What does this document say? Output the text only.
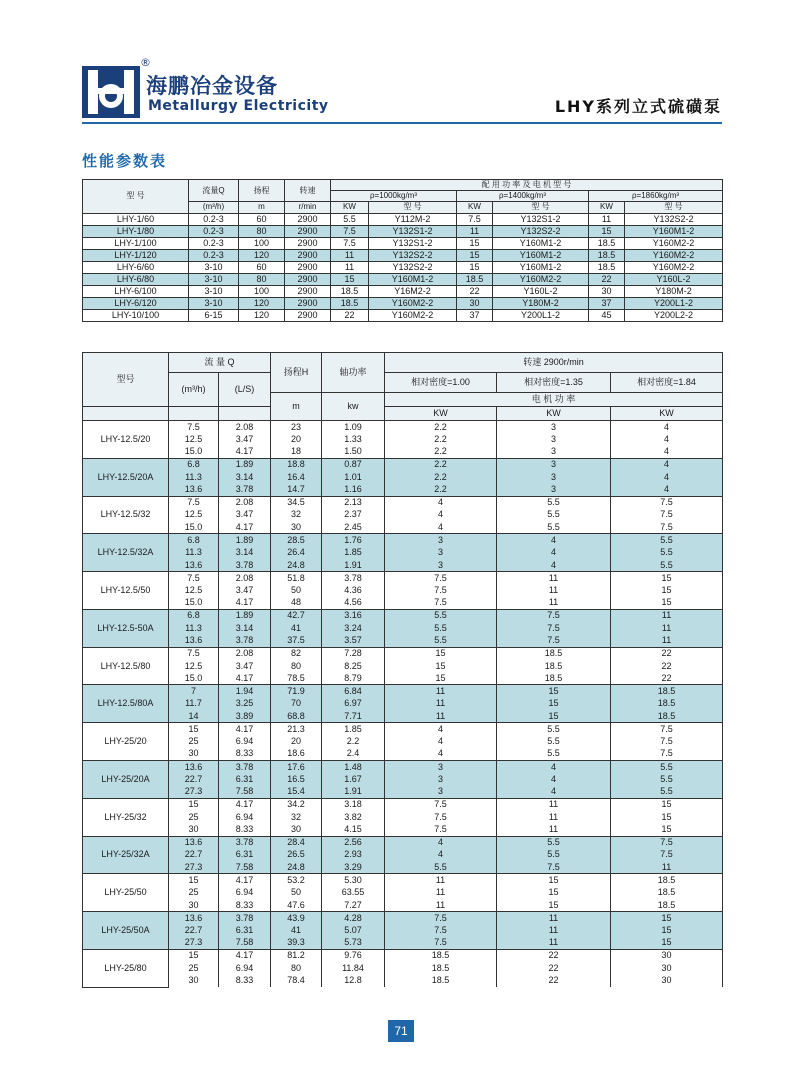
®
海鹏冶金设备
Metallurgy Electricity	LHY系列立式硫磺泵
性能参数表
型 号	流量Q	扬程	转速	配 用 功 率 及 电 机 型 号					
				ρ=1000kg/m³		ρ=1400kg/m³		ρ=1860kg/m³	
	(m³/h)	m	r/min	KW	型 号	KW	型 号	KW	型 号
LHY-1/60	0.2-3	60	2900	5.5	Y112M-2	7.5	Y132S1-2	11	Y132S2-2
LHY-1/80	0.2-3	80	2900	7.5	Y132S1-2	11	Y132S2-2	15	Y160M1-2
LHY-1/100	0.2-3	100	2900	7.5	Y132S1-2	15	Y160M1-2	18.5	Y160M2-2
LHY-1/120	0.2-3	120	2900	11	Y132S2-2	15	Y160M1-2	18.5	Y160M2-2
LHY-6/60	3-10	60	2900	11	Y132S2-2	15	Y160M1-2	18.5	Y160M2-2
LHY-6/80	3-10	80	2900	15	Y160M1-2	18.5	Y160M2-2	22	Y160L-2
LHY-6/100	3-10	100	2900	18.5	Y16M2-2	22	Y160L-2	30	Y180M-2
LHY-6/120	3-10	120	2900	18.5	Y160M2-2	30	Y180M-2	37	Y200L1-2
LHY-10/100	6-15	120	2900	22	Y160M2-2	37	Y200L1-2	45	Y200L2-2
型号	流 量 Q		扬程H	轴功率	转速 2900r/min		
	(m³/h)	(L/S)			相对密度=1.00	相对密度=1.35	相对密度=1.84
			m	kw	电 机 功 率		
					KW	KW	KW
LHY-12.5/20	7.5	2.08	23	1.09	2.2	3	4
	12.5	3.47	20	1.33	2.2	3	4
	15.0	4.17	18	1.50	2.2	3	4
LHY-12.5/20A	6.8	1.89	18.8	0.87	2.2	3	4
	11.3	3.14	16.4	1.01	2.2	3	4
	13.6	3.78	14.7	1.16	2.2	3	4
LHY-12.5/32	7.5	2.08	34.5	2.13	4	5.5	7.5
	12.5	3.47	32	2.37	4	5.5	7.5
	15.0	4.17	30	2.45	4	5.5	7.5
LHY-12.5/32A	6.8	1.89	28.5	1.76	3	4	5.5
	11.3	3.14	26.4	1.85	3	4	5.5
	13.6	3.78	24.8	1.91	3	4	5.5
LHY-12.5/50	7.5	2.08	51.8	3.78	7.5	11	15
	12.5	3.47	50	4.36	7.5	11	15
	15.0	4.17	48	4.56	7.5	11	15
LHY-12.5-50A	6.8	1.89	42.7	3.16	5.5	7.5	11
	11.3	3.14	41	3.24	5.5	7.5	11
	13.6	3.78	37.5	3.57	5.5	7.5	11
LHY-12.5/80	7.5	2.08	82	7.28	15	18.5	22
	12.5	3.47	80	8.25	15	18.5	22
	15.0	4.17	78.5	8.79	15	18.5	22
LHY-12.5/80A	7	1.94	71.9	6.84	11	15	18.5
	11.7	3.25	70	6.97	11	15	18.5
	14	3.89	68.8	7.71	11	15	18.5
LHY-25/20	15	4.17	21.3	1.85	4	5.5	7.5
	25	6.94	20	2.2	4	5.5	7.5
	30	8.33	18.6	2.4	4	5.5	7.5
LHY-25/20A	13.6	3.78	17.6	1.48	3	4	5.5
	22.7	6.31	16.5	1.67	3	4	5.5
	27.3	7.58	15.4	1.91	3	4	5.5
LHY-25/32	15	4.17	34.2	3.18	7.5	11	15
	25	6.94	32	3.82	7.5	11	15
	30	8.33	30	4.15	7.5	11	15
LHY-25/32A	13.6	3.78	28.4	2.56	4	5.5	7.5
	22.7	6.31	26.5	2.93	4	5.5	7.5
	27.3	7.58	24.8	3.29	5.5	7.5	11
LHY-25/50	15	4.17	53.2	5.30	11	15	18.5
	25	6.94	50	63.55	11	15	18.5
	30	8.33	47.6	7.27	11	15	18.5
LHY-25/50A	13.6	3.78	43.9	4.28	7.5	11	15
	22.7	6.31	41	5.07	7.5	11	15
	27.3	7.58	39.3	5.73	7.5	11	15
LHY-25/80	15	4.17	81.2	9.76	18.5	22	30
	25	6.94	80	11.84	18.5	22	30
	30	8.33	78.4	12.8	18.5	22	30
71
